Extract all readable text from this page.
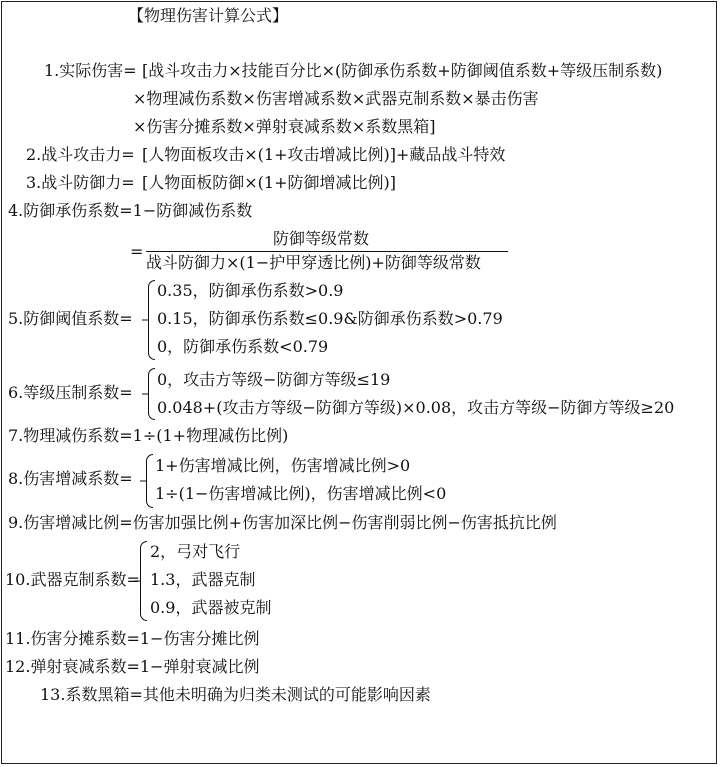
【物理伤害计算公式】
1.实际伤害= [战斗攻击力×技能百分比×(防御承伤系数+防御阈值系数+等级压制系数)
×物理减伤系数×伤害增减系数×武器克制系数×暴击伤害
×伤害分摊系数×弹射衰减系数×系数黑箱]
2.战斗攻击力= [人物面板攻击×(1+攻击增减比例)]+藏品战斗特效
3.战斗防御力= [人物面板防御×(1+防御增减比例)]
4.防御承伤系数=1−防御减伤系数
=
防御等级常数
战斗防御力×(1−护甲穿透比例)+防御等级常数
5.防御阈值系数=
0.35，防御承伤系数>0.9
0.15，防御承伤系数≤0.9&防御承伤系数>0.79
0，防御承伤系数<0.79
6.等级压制系数=
0，攻击方等级−防御方等级≤19
0.048+(攻击方等级−防御方等级)×0.08，攻击方等级−防御方等级≥20
7.物理减伤系数=1÷(1+物理减伤比例)
8.伤害增减系数=
1+伤害增减比例，伤害增减比例>0
1÷(1−伤害增减比例)，伤害增减比例<0
9.伤害增减比例=伤害加强比例+伤害加深比例−伤害削弱比例−伤害抵抗比例
10.武器克制系数=
2，弓对飞行
1.3，武器克制
0.9，武器被克制
11.伤害分摊系数=1−伤害分摊比例
12.弹射衰减系数=1−弹射衰减比例
13.系数黑箱=其他未明确为归类未测试的可能影响因素
